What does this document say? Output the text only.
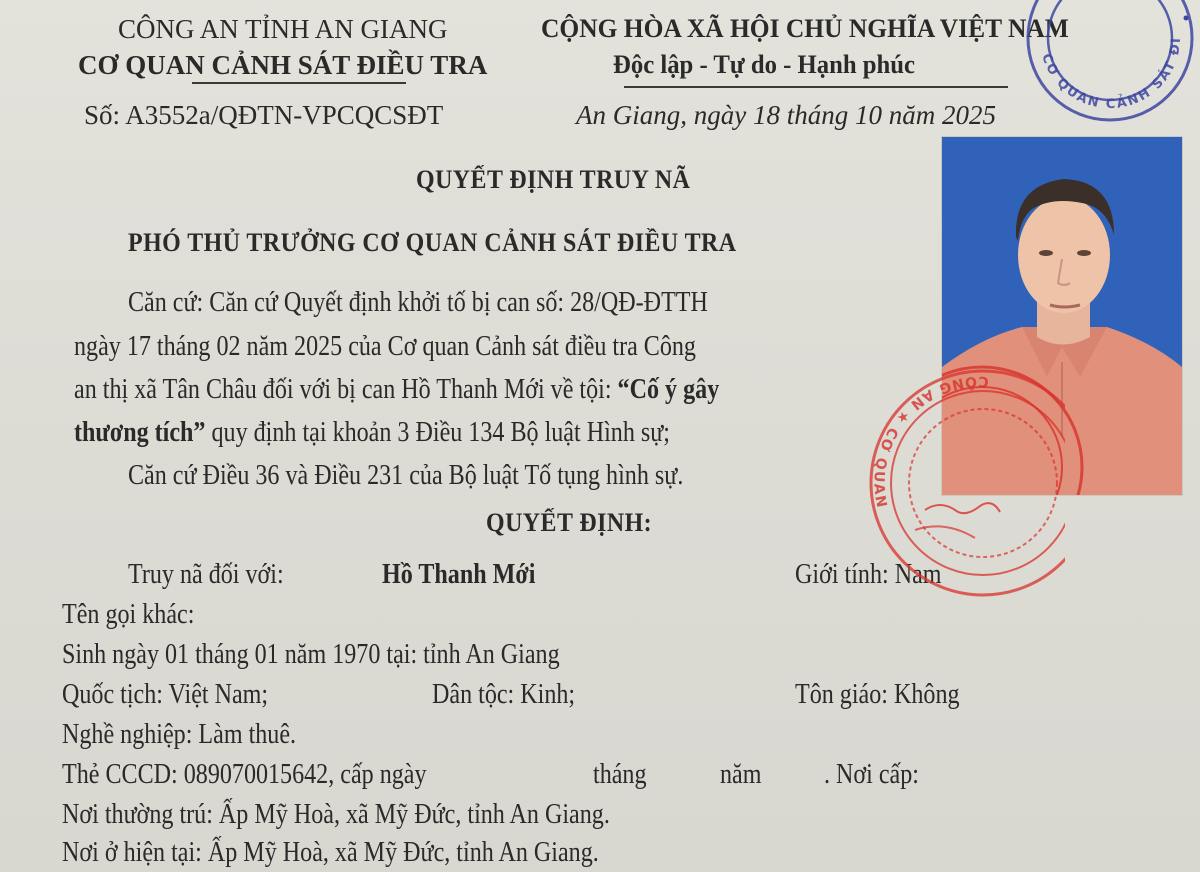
CÔNG AN TỈNH AN GIANG
CƠ QUAN CẢNH SÁT ĐIỀU TRA
Số: A3552a/QĐTN-VPCQCSĐT
CỘNG HÒA XÃ HỘI CHỦ NGHĨA VIỆT NAM
Độc lập - Tự do - Hạnh phúc
An Giang, ngày 18 tháng 10 năm 2025
CƠ QUAN CẢNH SÁT ĐI
QUYẾT ĐỊNH TRUY NÃ
PHÓ THỦ TRƯỞNG CƠ QUAN CẢNH SÁT ĐIỀU TRA
Căn cứ: Căn cứ Quyết định khởi tố bị can số: 28/QĐ-ĐTTH
ngày 17 tháng 02 năm 2025 của Cơ quan Cảnh sát điều tra Công
an thị xã Tân Châu đối với bị can Hồ Thanh Mới về tội: “Cố ý gây
thương tích” quy định tại khoản 3 Điều 134 Bộ luật Hình sự;
Căn cứ Điều 36 và Điều 231 của Bộ luật Tố tụng hình sự.
QUYẾT ĐỊNH:
Truy nã đối với:	Hồ Thanh Mới	Giới tính: Nam
Tên gọi khác:
Sinh ngày 01 tháng 01 năm 1970 tại: tỉnh An Giang
Quốc tịch: Việt Nam;	Dân tộc: Kinh;	Tôn giáo: Không
Nghề nghiệp: Làm thuê.
Thẻ CCCD: 089070015642, cấp ngày	tháng	năm . Nơi cấp:
Nơi thường trú: Ấp Mỹ Hoà, xã Mỹ Đức, tỉnh An Giang.
Nơi ở hiện tại: Ấp Mỹ Hoà, xã Mỹ Đức, tỉnh An Giang.
CÔNG AN ★ CƠ QUAN
